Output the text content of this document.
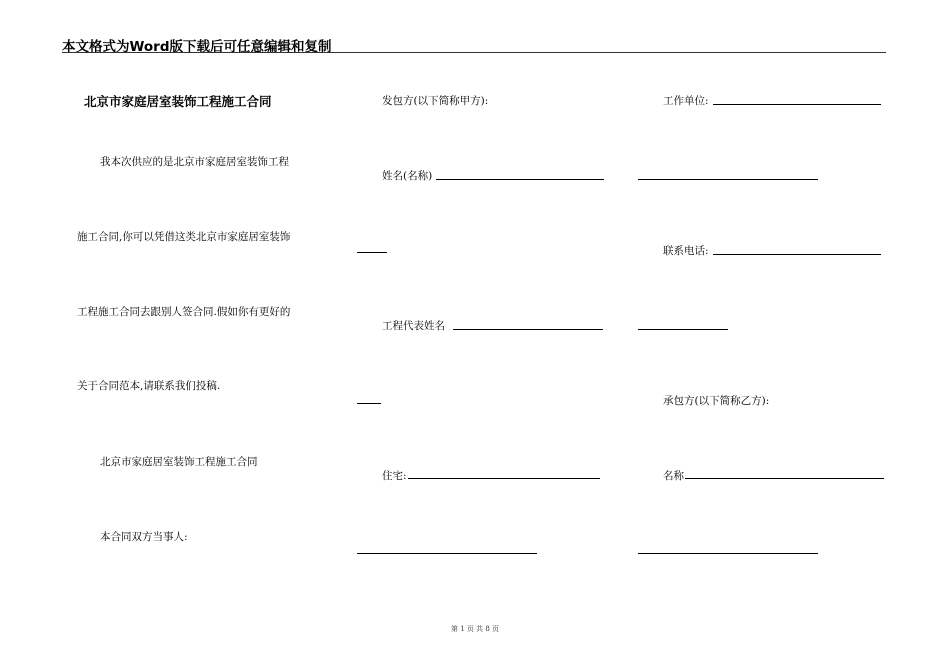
本文格式为Word版下载后可任意编辑和复制
北京市家庭居室装饰工程施工合同
我本次供应的是北京市家庭居室装饰工程
施工合同,你可以凭借这类北京市家庭居室装饰
工程施工合同去跟别人签合同.假如你有更好的
关于合同范本,请联系我们投稿.
北京市家庭居室装饰工程施工合同
本合同双方当事人:
发包方(以下简称甲方):
姓名(名称)
工程代表姓名
住宅:
工作单位:
联系电话:
承包方(以下简称乙方):
名称
第 1 页 共 8 页
